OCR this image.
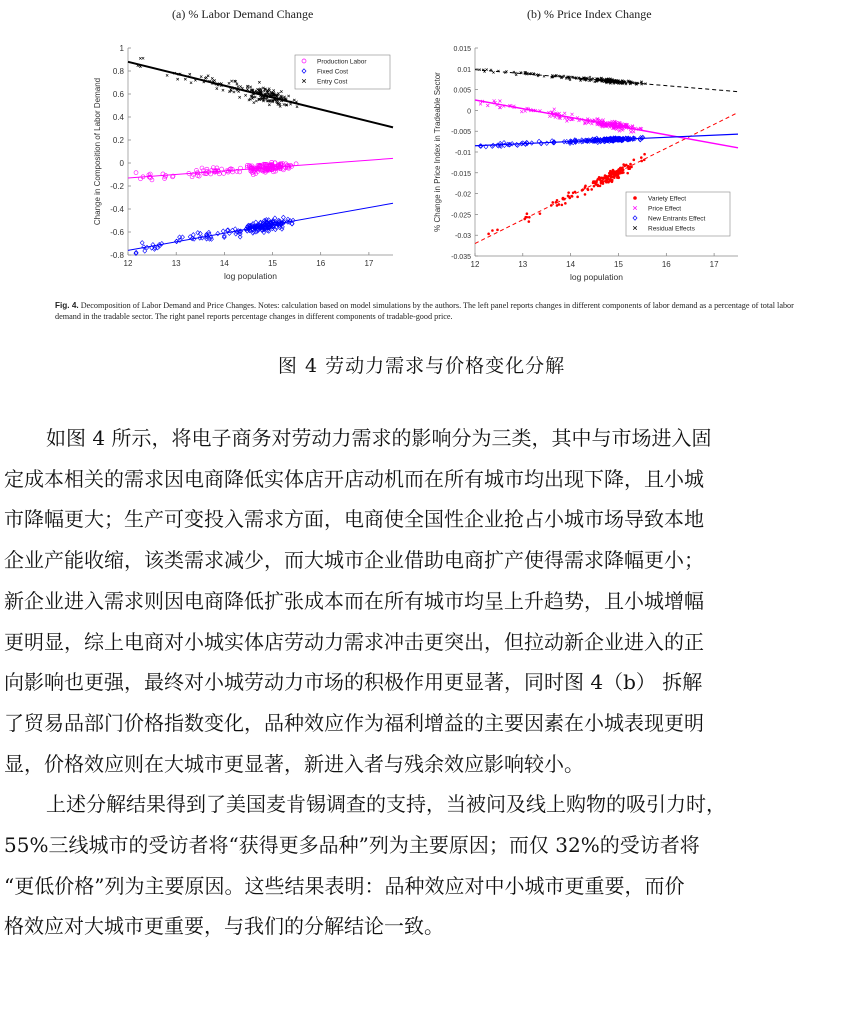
(a) % Labor Demand Change	(b) % Price Index Change
12	13	14	15	16	17
-0.8
-0.6
-0.4
-0.2
0
0.2
0.4
0.6
0.8
1
log population
Change in Composition of Labor Demand
Production Labor
Fixed Cost
Entry Cost
12	13	14	15	16	17
-0.035
-0.03
-0.025
-0.02
-0.015
-0.01
-0.005
0
0.005
0.01
0.015
log population
% Change in Price Index in Tradeable Sector	Variety Effect
Price Effect
New Entrants Effect
Residual Effects
Fig. 4. Decomposition of Labor Demand and Price Changes. Notes: calculation based on model simulations by the authors. The left panel reports changes in different components of labor demand as a percentage of total labor demand in the tradable sector. The right panel reports percentage changes in different components of tradable-good price.
图 4 劳动力需求与价格变化分解

如图 4 所示，将电子商务对劳动力需求的影响分为三类，其中与市场进入固
定成本相关的需求因电商降低实体店开店动机而在所有城市均出现下降，且小城
市降幅更大；生产可变投入需求方面，电商使全国性企业抢占小城市场导致本地
企业产能收缩，该类需求减少，而大城市企业借助电商扩产使得需求降幅更小；
新企业进入需求则因电商降低扩张成本而在所有城市均呈上升趋势，且小城增幅
更明显，综上电商对小城实体店劳动力需求冲击更突出，但拉动新企业进入的正
向影响也更强，最终对小城劳动力市场的积极作用更显著，同时图 4（b） 拆解
了贸易品部门价格指数变化，品种效应作为福利增益的主要因素在小城表现更明
显，价格效应则在大城市更显著，新进入者与残余效应影响较小。

上述分解结果得到了美国麦肯锡调查的支持，当被问及线上购物的吸引力时，
55%三线城市的受访者将“获得更多品种”列为主要原因；而仅 32%的受访者将
“更低价格”列为主要原因。这些结果表明：品种效应对中小城市更重要，而价
格效应对大城市更重要，与我们的分解结论一致。
